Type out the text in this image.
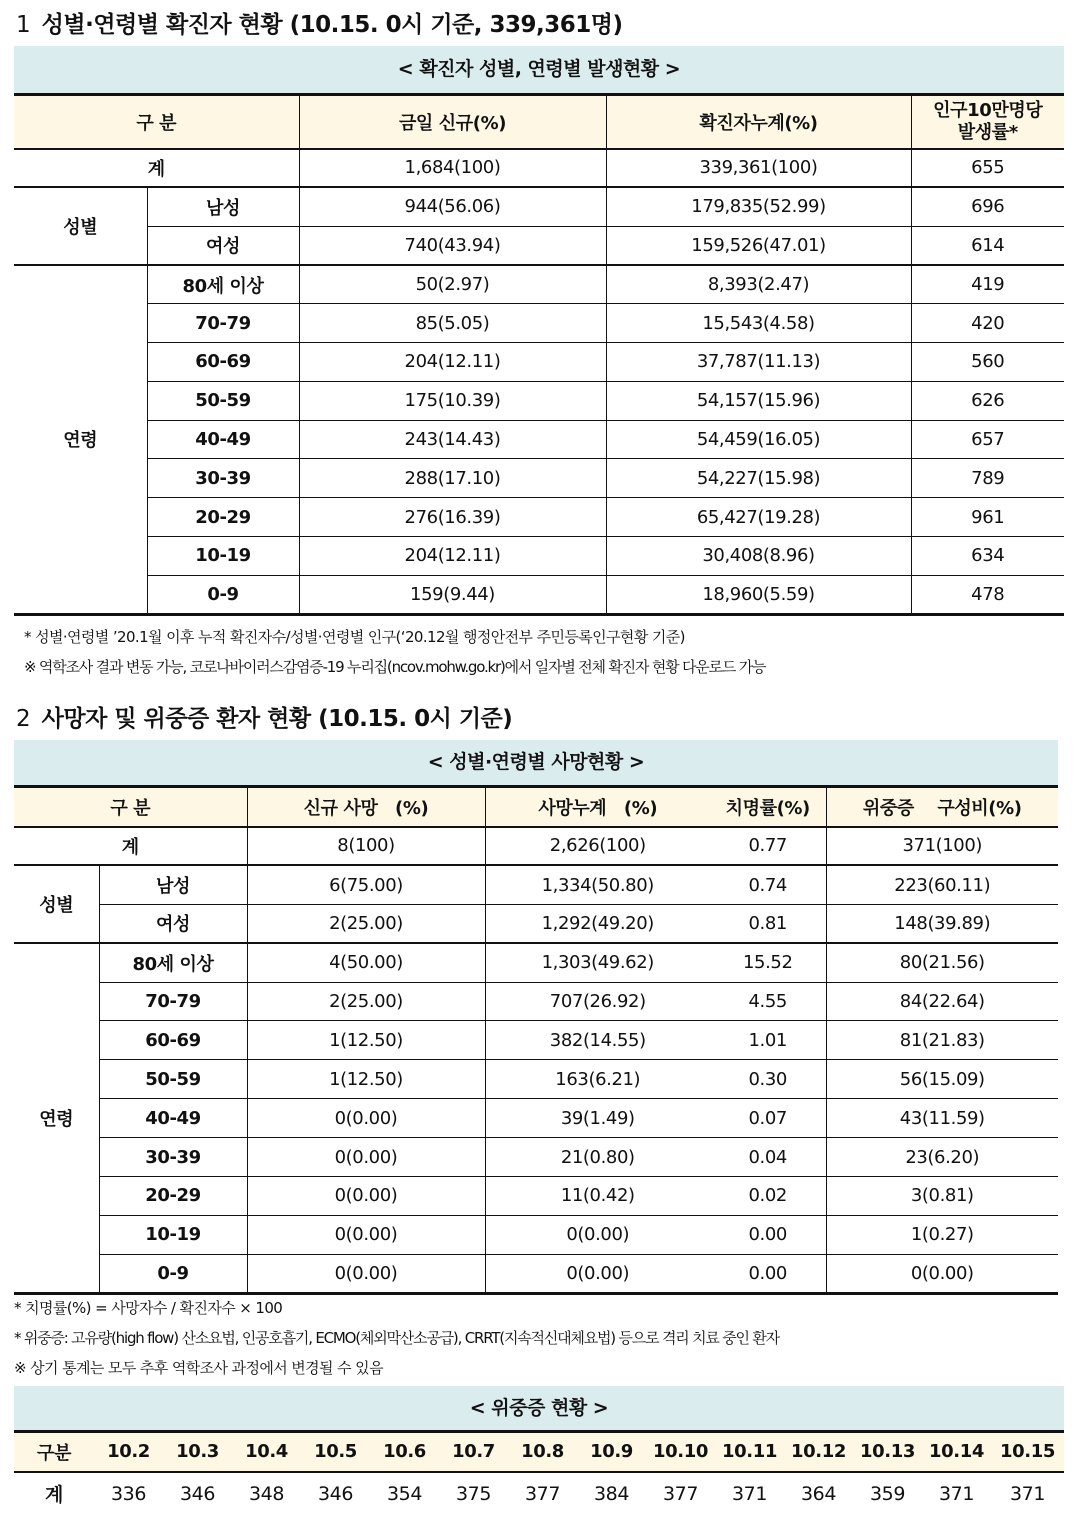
1 성별·연령별 확진자 현황 (10.15. 0시 기준, 339,361명)
< 확진자 성별, 연령별 발생현황 >
구 분		금일 신규(%)	확진자누계(%)	인구10만명당
발생률*
계		1,684(100)	339,361(100)	655
성별	남성	944(56.06)	179,835(52.99)	696
	여성	740(43.94)	159,526(47.01)	614
연령	80세 이상	50(2.97)	8,393(2.47)	419
	70-79	85(5.05)	15,543(4.58)	420
	60-69	204(12.11)	37,787(11.13)	560
	50-59	175(10.39)	54,157(15.96)	626
	40-49	243(14.43)	54,459(16.05)	657
	30-39	288(17.10)	54,227(15.98)	789
	20-29	276(16.39)	65,427(19.28)	961
	10-19	204(12.11)	30,408(8.96)	634
	0-9	159(9.44)	18,960(5.59)	478
* 성별·연령별 ’20.1월 이후 누적 확진자수/성별·연령별 인구(‘20.12월 행정안전부 주민등록인구현황 기준)
※ 역학조사 결과 변동 가능, 코로나바이러스감염증-19 누리집(ncov.mohw.go.kr)에서 일자별 전체 확진자 현황 다운로드 가능
2 사망자 및 위중증 환자 현황 (10.15. 0시 기준)
< 성별·연령별 사망현황 >
구 분		신규 사망　(%)	사망누계　(%)	치명률(%)	위중증　 구성비(%)
계		8(100)	2,626(100)	0.77	371(100)
성별	남성	6(75.00)	1,334(50.80)	0.74	223(60.11)
	여성	2(25.00)	1,292(49.20)	0.81	148(39.89)
연령	80세 이상	4(50.00)	1,303(49.62)	15.52	80(21.56)
	70-79	2(25.00)	707(26.92)	4.55	84(22.64)
	60-69	1(12.50)	382(14.55)	1.01	81(21.83)
	50-59	1(12.50)	163(6.21)	0.30	56(15.09)
	40-49	0(0.00)	39(1.49)	0.07	43(11.59)
	30-39	0(0.00)	21(0.80)	0.04	23(6.20)
	20-29	0(0.00)	11(0.42)	0.02	3(0.81)
	10-19	0(0.00)	0(0.00)	0.00	1(0.27)
	0-9	0(0.00)	0(0.00)	0.00	0(0.00)
* 치명률(%) = 사망자수 / 확진자수 × 100
* 위중증: 고유량(high flow) 산소요법, 인공호흡기, ECMO(체외막산소공급), CRRT(지속적신대체요법) 등으로 격리 치료 중인 환자
※ 상기 통계는 모두 추후 역학조사 과정에서 변경될 수 있음
< 위중증 현황 >
구분	10.2	10.3	10.4	10.5	10.6	10.7	10.8	10.9	10.10	10.11	10.12	10.13	10.14	10.15
계	336	346	348	346	354	375	377	384	377	371	364	359	371	371
